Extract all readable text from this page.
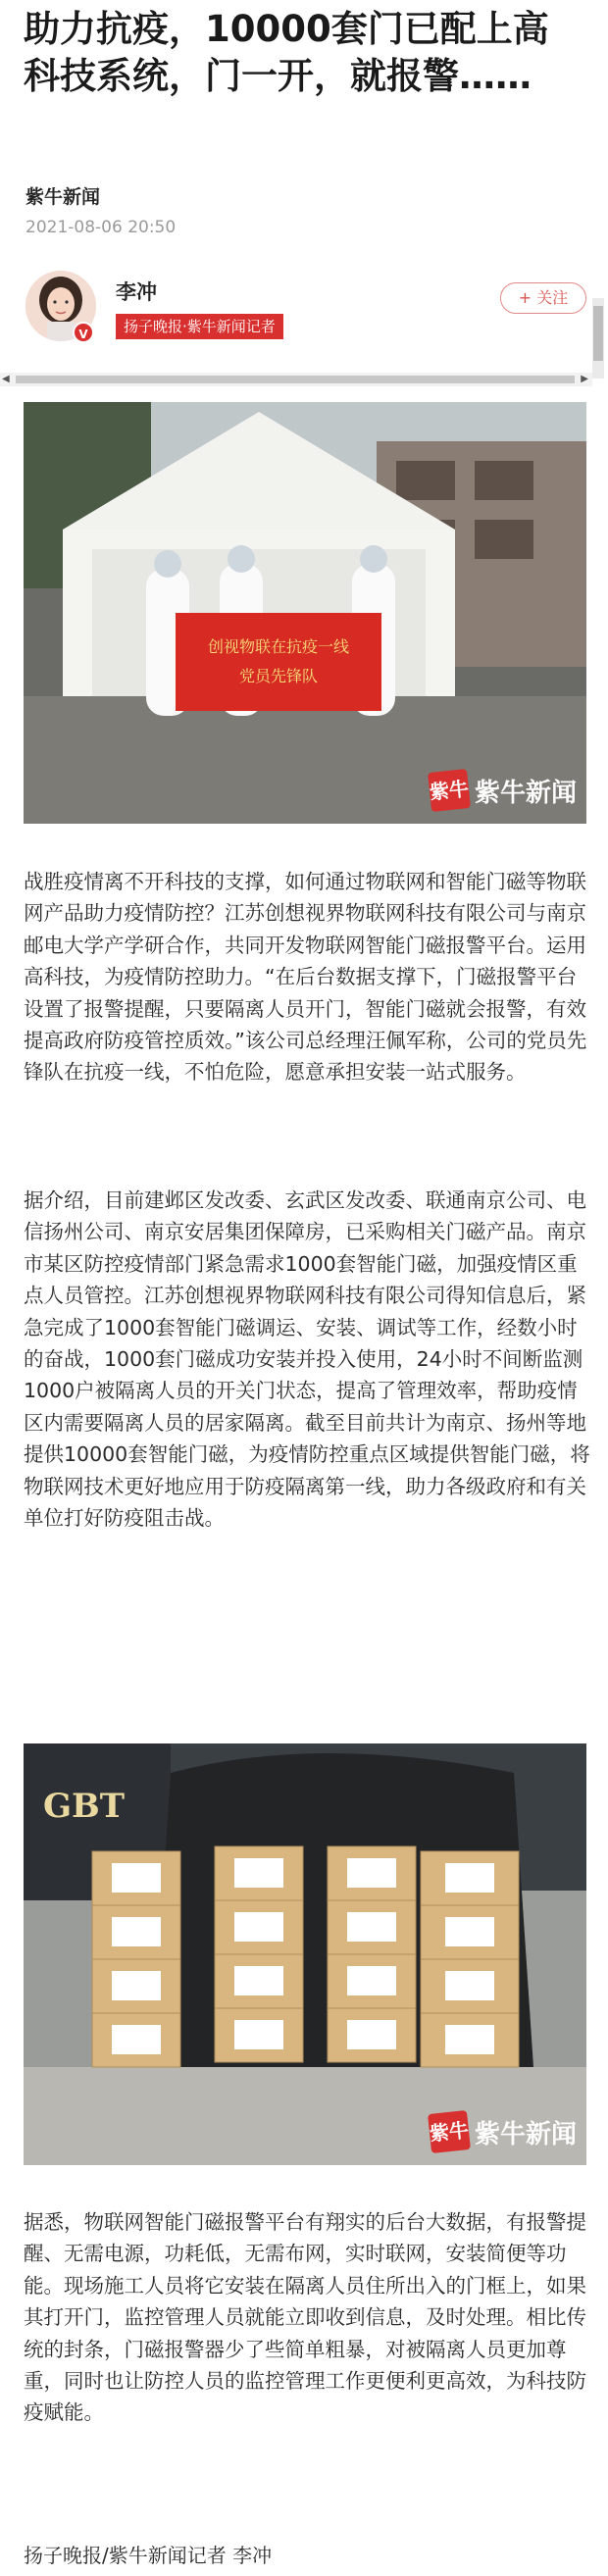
助力抗疫，10000套门已配上高科技系统，门一开，就报警……
紫牛新闻
2021-08-06 20:50
V
李冲
扬子晚报·紫牛新闻记者
+ 关注
◀	▶
创视物联在抗疫一线
党员先锋队
紫牛 紫牛新闻
战胜疫情离不开科技的支撑，如何通过物联网和智能门磁等物联网产品助力疫情防控？江苏创想视界物联网科技有限公司与南京邮电大学产学研合作，共同开发物联网智能门磁报警平台。运用高科技，为疫情防控助力。“在后台数据支撑下，门磁报警平台设置了报警提醒，只要隔离人员开门，智能门磁就会报警，有效提高政府防疫管控质效。”该公司总经理汪佩军称，公司的党员先锋队在抗疫一线，不怕危险，愿意承担安装一站式服务。
据介绍，目前建邺区发改委、玄武区发改委、联通南京公司、电信扬州公司、南京安居集团保障房，已采购相关门磁产品。南京市某区防控疫情部门紧急需求1000套智能门磁，加强疫情区重点人员管控。江苏创想视界物联网科技有限公司得知信息后，紧急完成了1000套智能门磁调运、安装、调试等工作，经数小时的奋战，1000套门磁成功安装并投入使用，24小时不间断监测1000户被隔离人员的开关门状态，提高了管理效率，帮助疫情区内需要隔离人员的居家隔离。截至目前共计为南京、扬州等地提供10000套智能门磁，为疫情防控重点区域提供智能门磁，将物联网技术更好地应用于防疫隔离第一线，助力各级政府和有关单位打好防疫阻击战。
GBT
紫牛 紫牛新闻
据悉，物联网智能门磁报警平台有翔实的后台大数据，有报警提醒、无需电源，功耗低，无需布网，实时联网，安装简便等功能。现场施工人员将它安装在隔离人员住所出入的门框上，如果其打开门，监控管理人员就能立即收到信息，及时处理。相比传统的封条，门磁报警器少了些简单粗暴，对被隔离人员更加尊重，同时也让防控人员的监控管理工作更便利更高效，为科技防疫赋能。
扬子晚报/紫牛新闻记者 李冲
